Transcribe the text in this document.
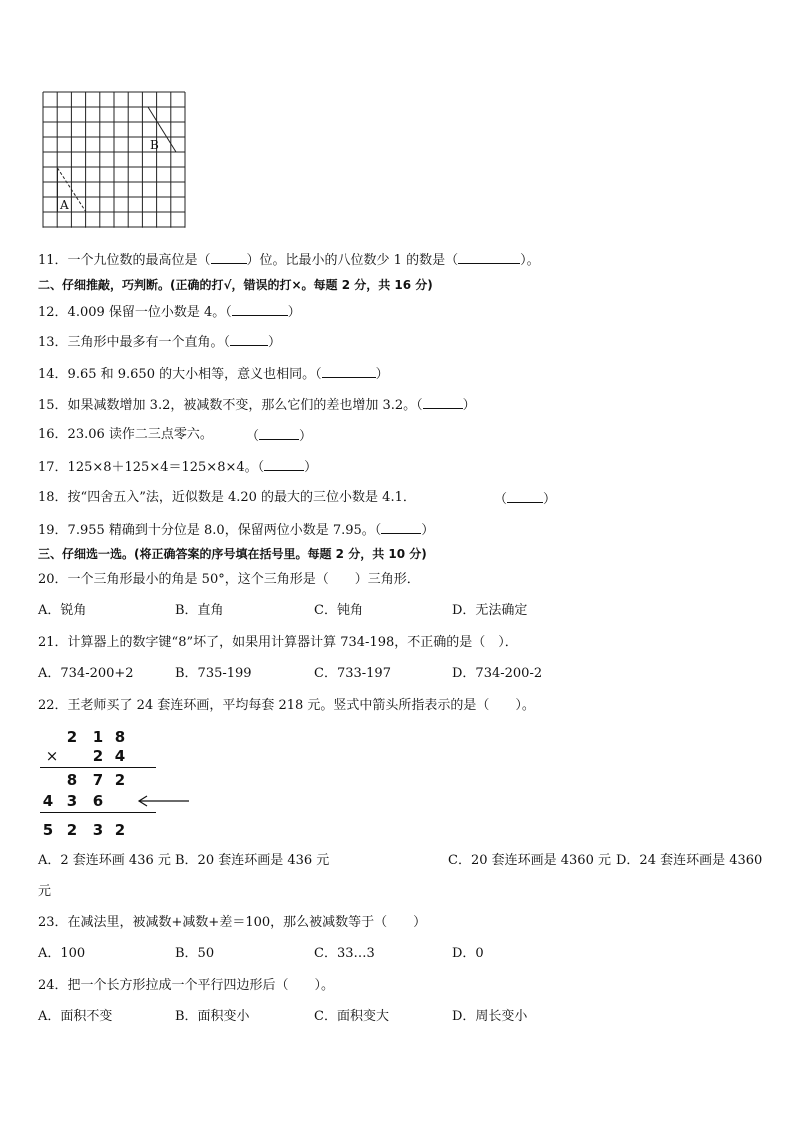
A
B
11．一个九位数的最高位是（	）位。比最小的八位数少 1 的数是（	）。
二、仔细推敲，巧判断。(正确的打√，错误的打×。每题 2 分，共 16 分)
12．4.009 保留一位小数是 4。（	）
13．三角形中最多有一个直角。（	）
14．9.65 和 9.650 的大小相等，意义也相同。（	）
15．如果减数增加 3.2，被减数不变，那么它们的差也增加 3.2。（	）
16．23.06 读作二三点零六。	（	）
17．125×8＋125×4＝125×8×4。（	）
18．按“四舍五入”法，近似数是 4.20 的最大的三位小数是 4.1．	（	）
19．7.955 精确到十分位是 8.0，保留两位小数是 7.95。（	）
三、仔细选一选。(将正确答案的序号填在括号里。每题 2 分，共 10 分)
20．一个三角形最小的角是 50°，这个三角形是（　　）三角形．
A．锐角	B．直角	C．钝角	D．无法确定
21．计算器上的数字键“8”坏了，如果用计算器计算 734-198，不正确的是（　）．
A．734-200+2	B．735-199	C．733-197	D．734-200-2
22．王老师买了 24 套连环画，平均每套 218 元。竖式中箭头所指表示的是（　　）。
2 1 8
× 2 4
8 7 2
4 3 6
5 2 3 2
A．2 套连环画 436 元 B．20 套连环画是 436 元	C．20 套连环画是 4360 元 D．24 套连环画是 4360
元
23．在减法里，被减数+减数+差＝100，那么被减数等于（　　）
A．100	B．50	C．33…3	D．0
24．把一个长方形拉成一个平行四边形后（　　）。
A．面积不变	B．面积变小	C．面积变大	D．周长变小
